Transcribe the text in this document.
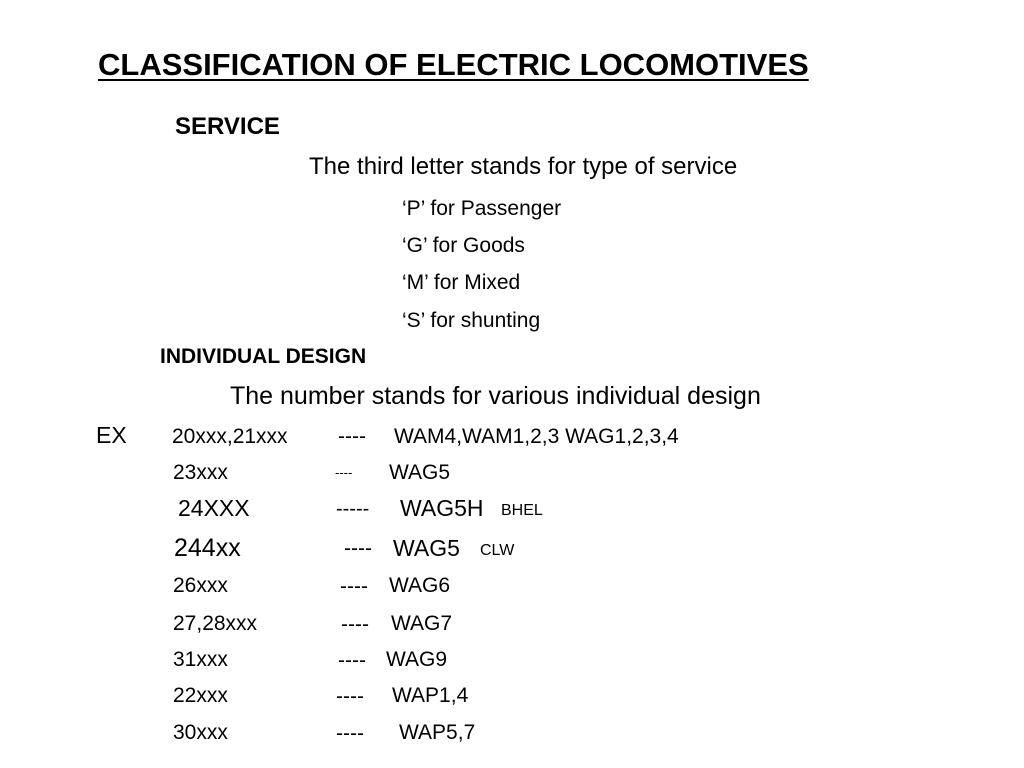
CLASSIFICATION OF ELECTRIC LOCOMOTIVES
SERVICE
The third letter stands for type of service
‘P’ for Passenger
‘G’ for Goods
‘M’ for Mixed
‘S’ for shunting
INDIVIDUAL DESIGN
The number stands for various individual design
EX 20xxx,21xxx ---- WAM4,WAM1,2,3 WAG1,2,3,4
23xxx	---- WAG5
24XXX	----- WAG5H BHEL
244xx	---- WAG5 CLW
26xxx	---- WAG6
27,28xxx	---- WAG7
31xxx	---- WAG9
22xxx	---- WAP1,4
30xxx	---- WAP5,7
